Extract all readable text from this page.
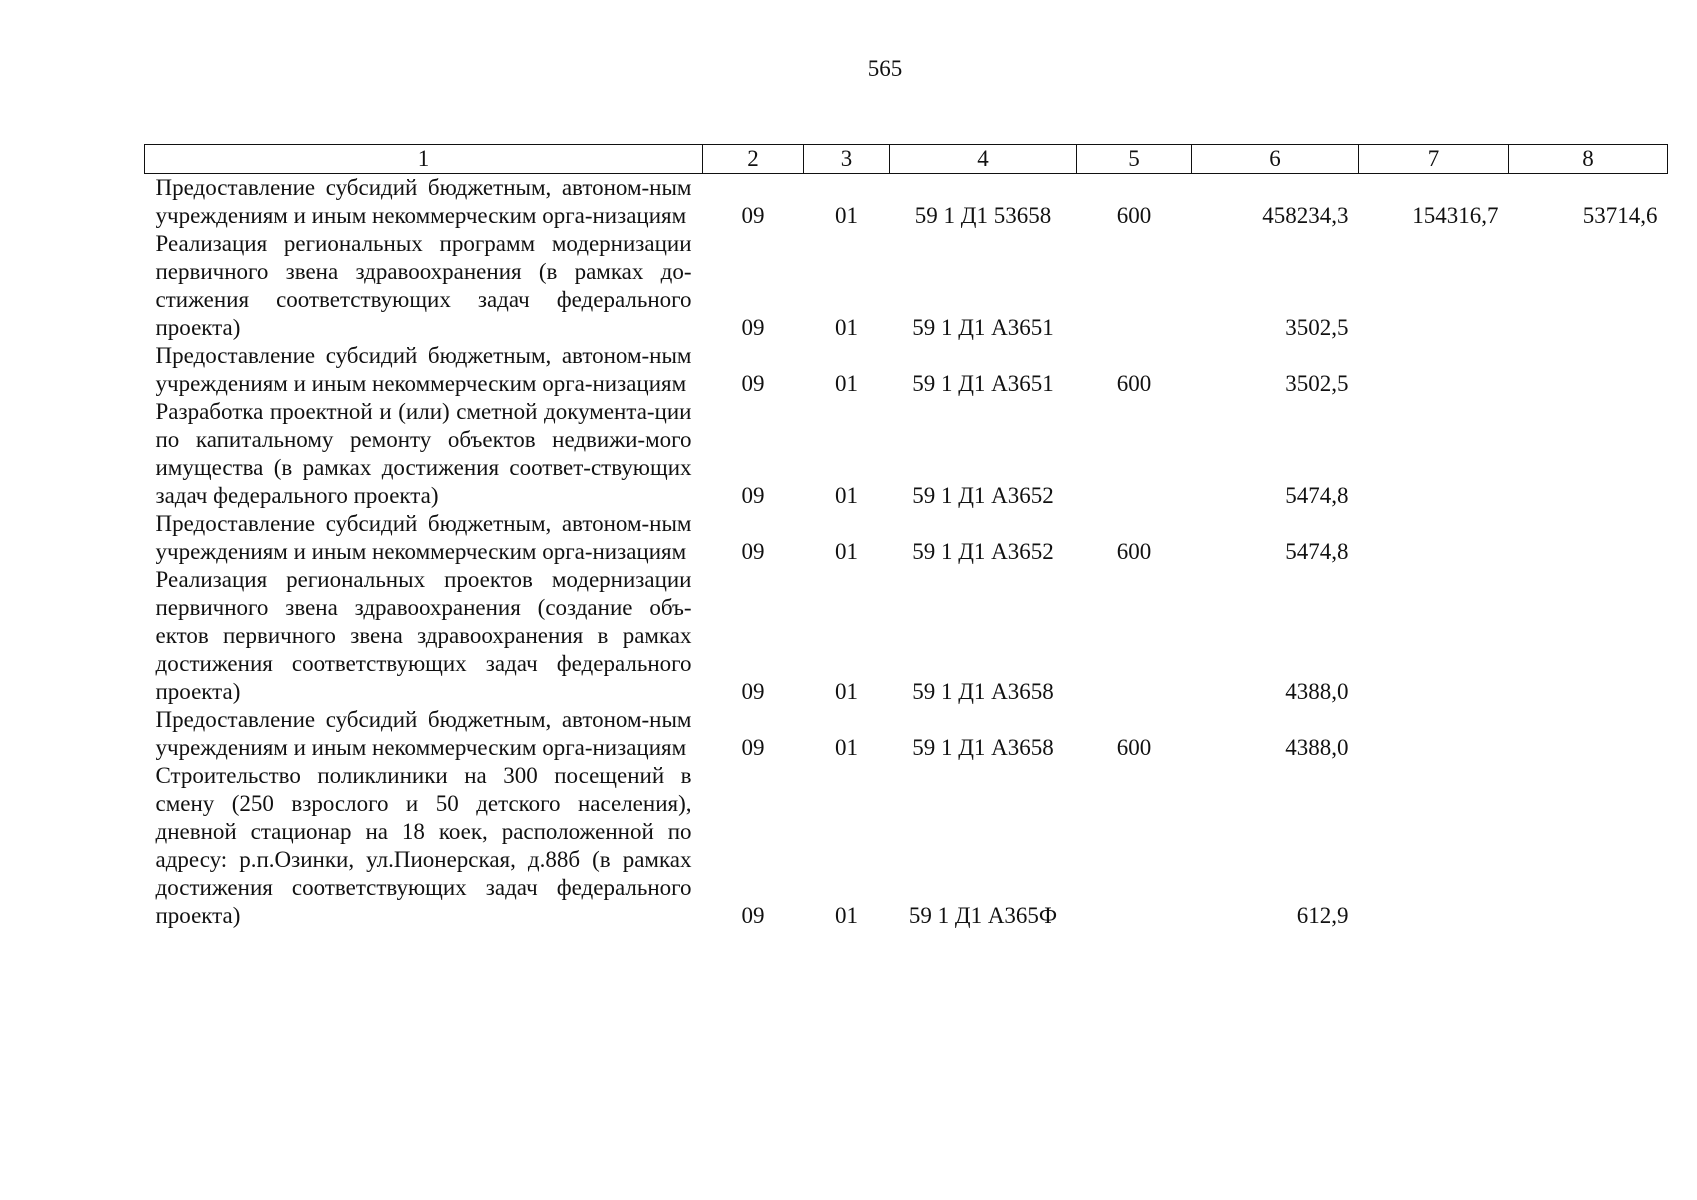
565
1	2	3	4	5	6	7	8
Предоставление субсидий бюджетным, автоном-ным учреждениям и иным некоммерческим орга-низациям	09	01	59 1 Д1 53658	600	458234,3	154316,7	53714,6
Реализация региональных программ модернизации первичного звена здравоохранения (в рамках до-стижения соответствующих задач федерального проекта)	09	01	59 1 Д1 А3651		3502,5		
Предоставление субсидий бюджетным, автоном-ным учреждениям и иным некоммерческим орга-низациям	09	01	59 1 Д1 А3651	600	3502,5		
Разработка проектной и (или) сметной документа-ции по капитальному ремонту объектов недвижи-мого имущества (в рамках достижения соответ-ствующих задач федерального проекта)	09	01	59 1 Д1 А3652		5474,8		
Предоставление субсидий бюджетным, автоном-ным учреждениям и иным некоммерческим орга-низациям	09	01	59 1 Д1 А3652	600	5474,8		
Реализация региональных проектов модернизации первичного звена здравоохранения (создание объ-ектов первичного звена здравоохранения в рамках достижения соответствующих задач федерального проекта)	09	01	59 1 Д1 А3658		4388,0		
Предоставление субсидий бюджетным, автоном-ным учреждениям и иным некоммерческим орга-низациям	09	01	59 1 Д1 А3658	600	4388,0		
Строительство поликлиники на 300 посещений в смену (250 взрослого и 50 детского населения), дневной стационар на 18 коек, расположенной по адресу: р.п.Озинки, ул.Пионерская, д.88б (в рамках достижения соответствующих задач федерального проекта)	09	01	59 1 Д1 А365Ф		612,9		
